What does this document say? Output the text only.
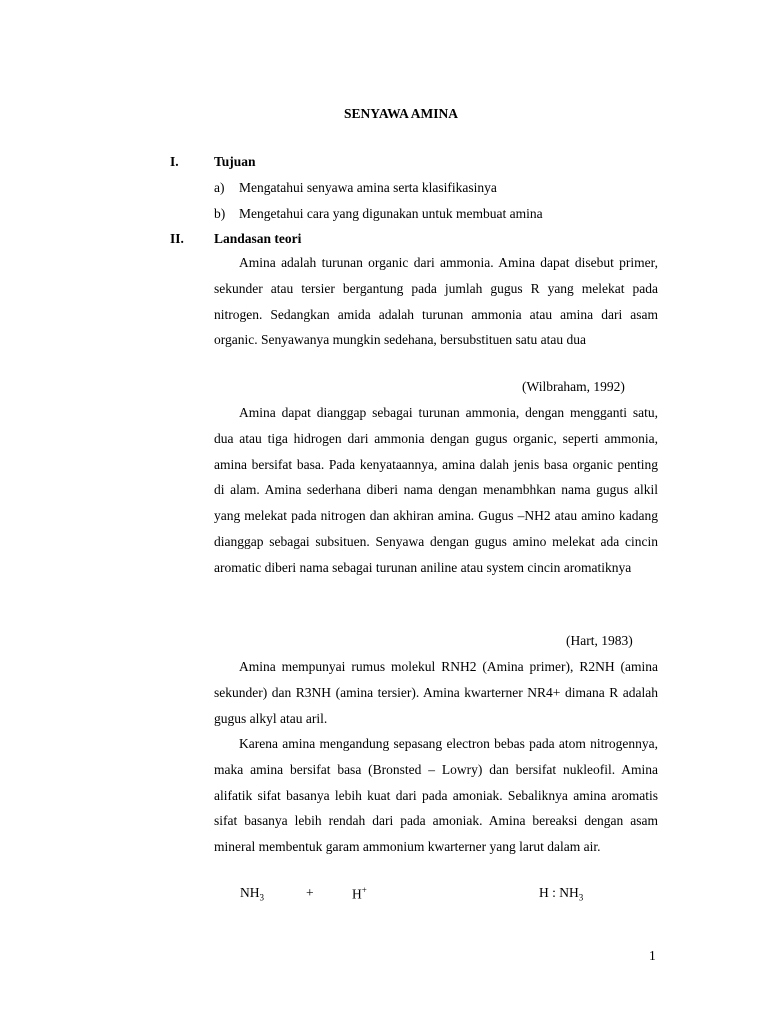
SENYAWA AMINA
I.	Tujuan
a) Mengatahui senyawa amina serta klasifikasinya
b) Mengetahui cara yang digunakan untuk membuat amina
II. Landasan teori

Amina adalah turunan organic dari ammonia. Amina dapat disebut primer, sekunder atau tersier bergantung pada jumlah gugus R yang melekat pada nitrogen. Sedangkan amida adalah turunan ammonia atau amina dari asam organic. Senyawanya mungkin sedehana, bersubstituen satu atau dua

(Wilbraham, 1992)

Amina dapat dianggap sebagai turunan ammonia, dengan mengganti satu, dua atau tiga hidrogen dari ammonia dengan gugus organic, seperti ammonia, amina bersifat basa. Pada kenyataannya, amina dalah jenis basa organic penting di alam. Amina sederhana diberi nama dengan menambhkan nama gugus alkil yang melekat pada nitrogen dan akhiran amina. Gugus –NH2 atau amino kadang dianggap sebagai subsituen. Senyawa dengan gugus amino melekat ada cincin aromatic diberi nama sebagai turunan aniline atau system cincin aromatiknya

(Hart, 1983)

Amina mempunyai rumus molekul RNH2 (Amina primer), R2NH (amina sekunder) dan R3NH (amina tersier). Amina kwarterner NR4+ dimana R adalah gugus alkyl atau aril.

Karena amina mengandung sepasang electron bebas pada atom nitrogennya, maka amina bersifat basa (Bronsted – Lowry) dan bersifat nukleofil. Amina alifatik sifat basanya lebih kuat dari pada amoniak. Sebaliknya amina aromatis sifat basanya lebih rendah dari pada amoniak. Amina bereaksi dengan asam mineral membentuk garam ammonium kwarterner yang larut dalam air.

$NH_3$	+	H+	H : $NH_3$
1
